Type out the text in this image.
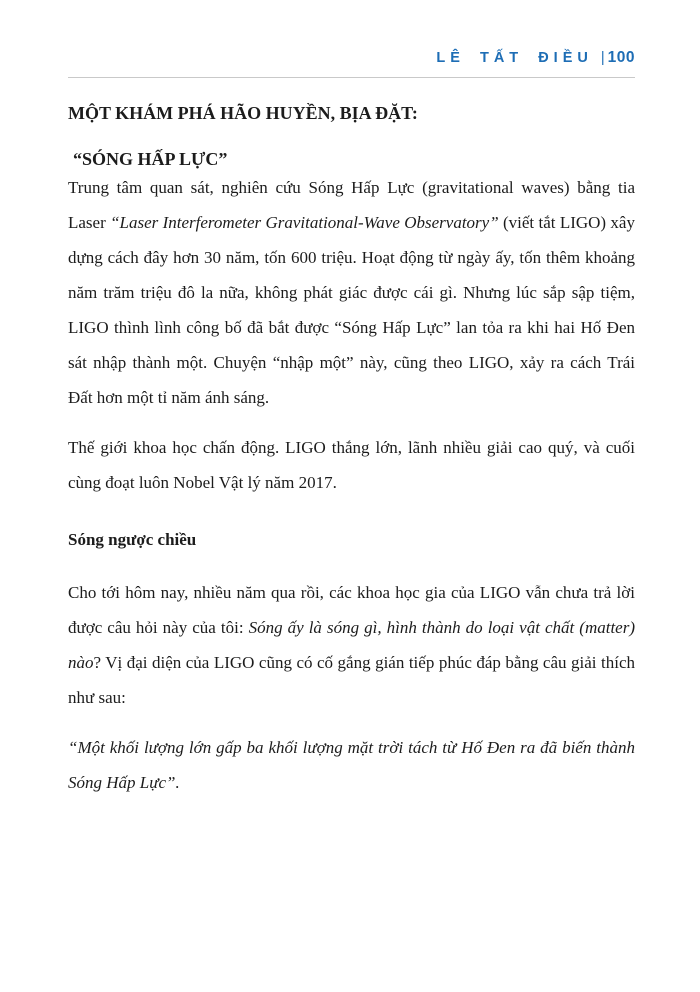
LÊ TẤT ĐIỀU | 100
MỘT KHÁM PHÁ HÃO HUYỀN, BỊA ĐẶT:
“SÓNG HẤP LỰC”

Trung tâm quan sát, nghiên cứu Sóng Hấp Lực (gravitational waves) bằng tia Laser “Laser Interferometer Gravitational-Wave Observatory” (viết tắt LIGO) xây dựng cách đây hơn 30 năm, tốn 600 triệu. Hoạt động từ ngày ấy, tốn thêm khoảng năm trăm triệu đô la nữa, không phát giác được cái gì. Nhưng lúc sắp sập tiệm, LIGO thình lình công bố đã bắt được “Sóng Hấp Lực” lan tỏa ra khi hai Hố Đen sát nhập thành một. Chuyện “nhập một” này, cũng theo LIGO, xảy ra cách Trái Đất hơn một tỉ năm ánh sáng.

Thế giới khoa học chấn động. LIGO thắng lớn, lãnh nhiều giải cao quý, và cuối cùng đoạt luôn Nobel Vật lý năm 2017.

Sóng ngược chiều

Cho tới hôm nay, nhiều năm qua rồi, các khoa học gia của LIGO vẫn chưa trả lời được câu hỏi này của tôi: Sóng ấy là sóng gì, hình thành do loại vật chất (matter) nào? Vị đại diện của LIGO cũng có cố gắng gián tiếp phúc đáp bằng câu giải thích như sau:

“Một khối lượng lớn gấp ba khối lượng mặt trời tách từ Hố Đen ra đã biến thành Sóng Hấp Lực”.
